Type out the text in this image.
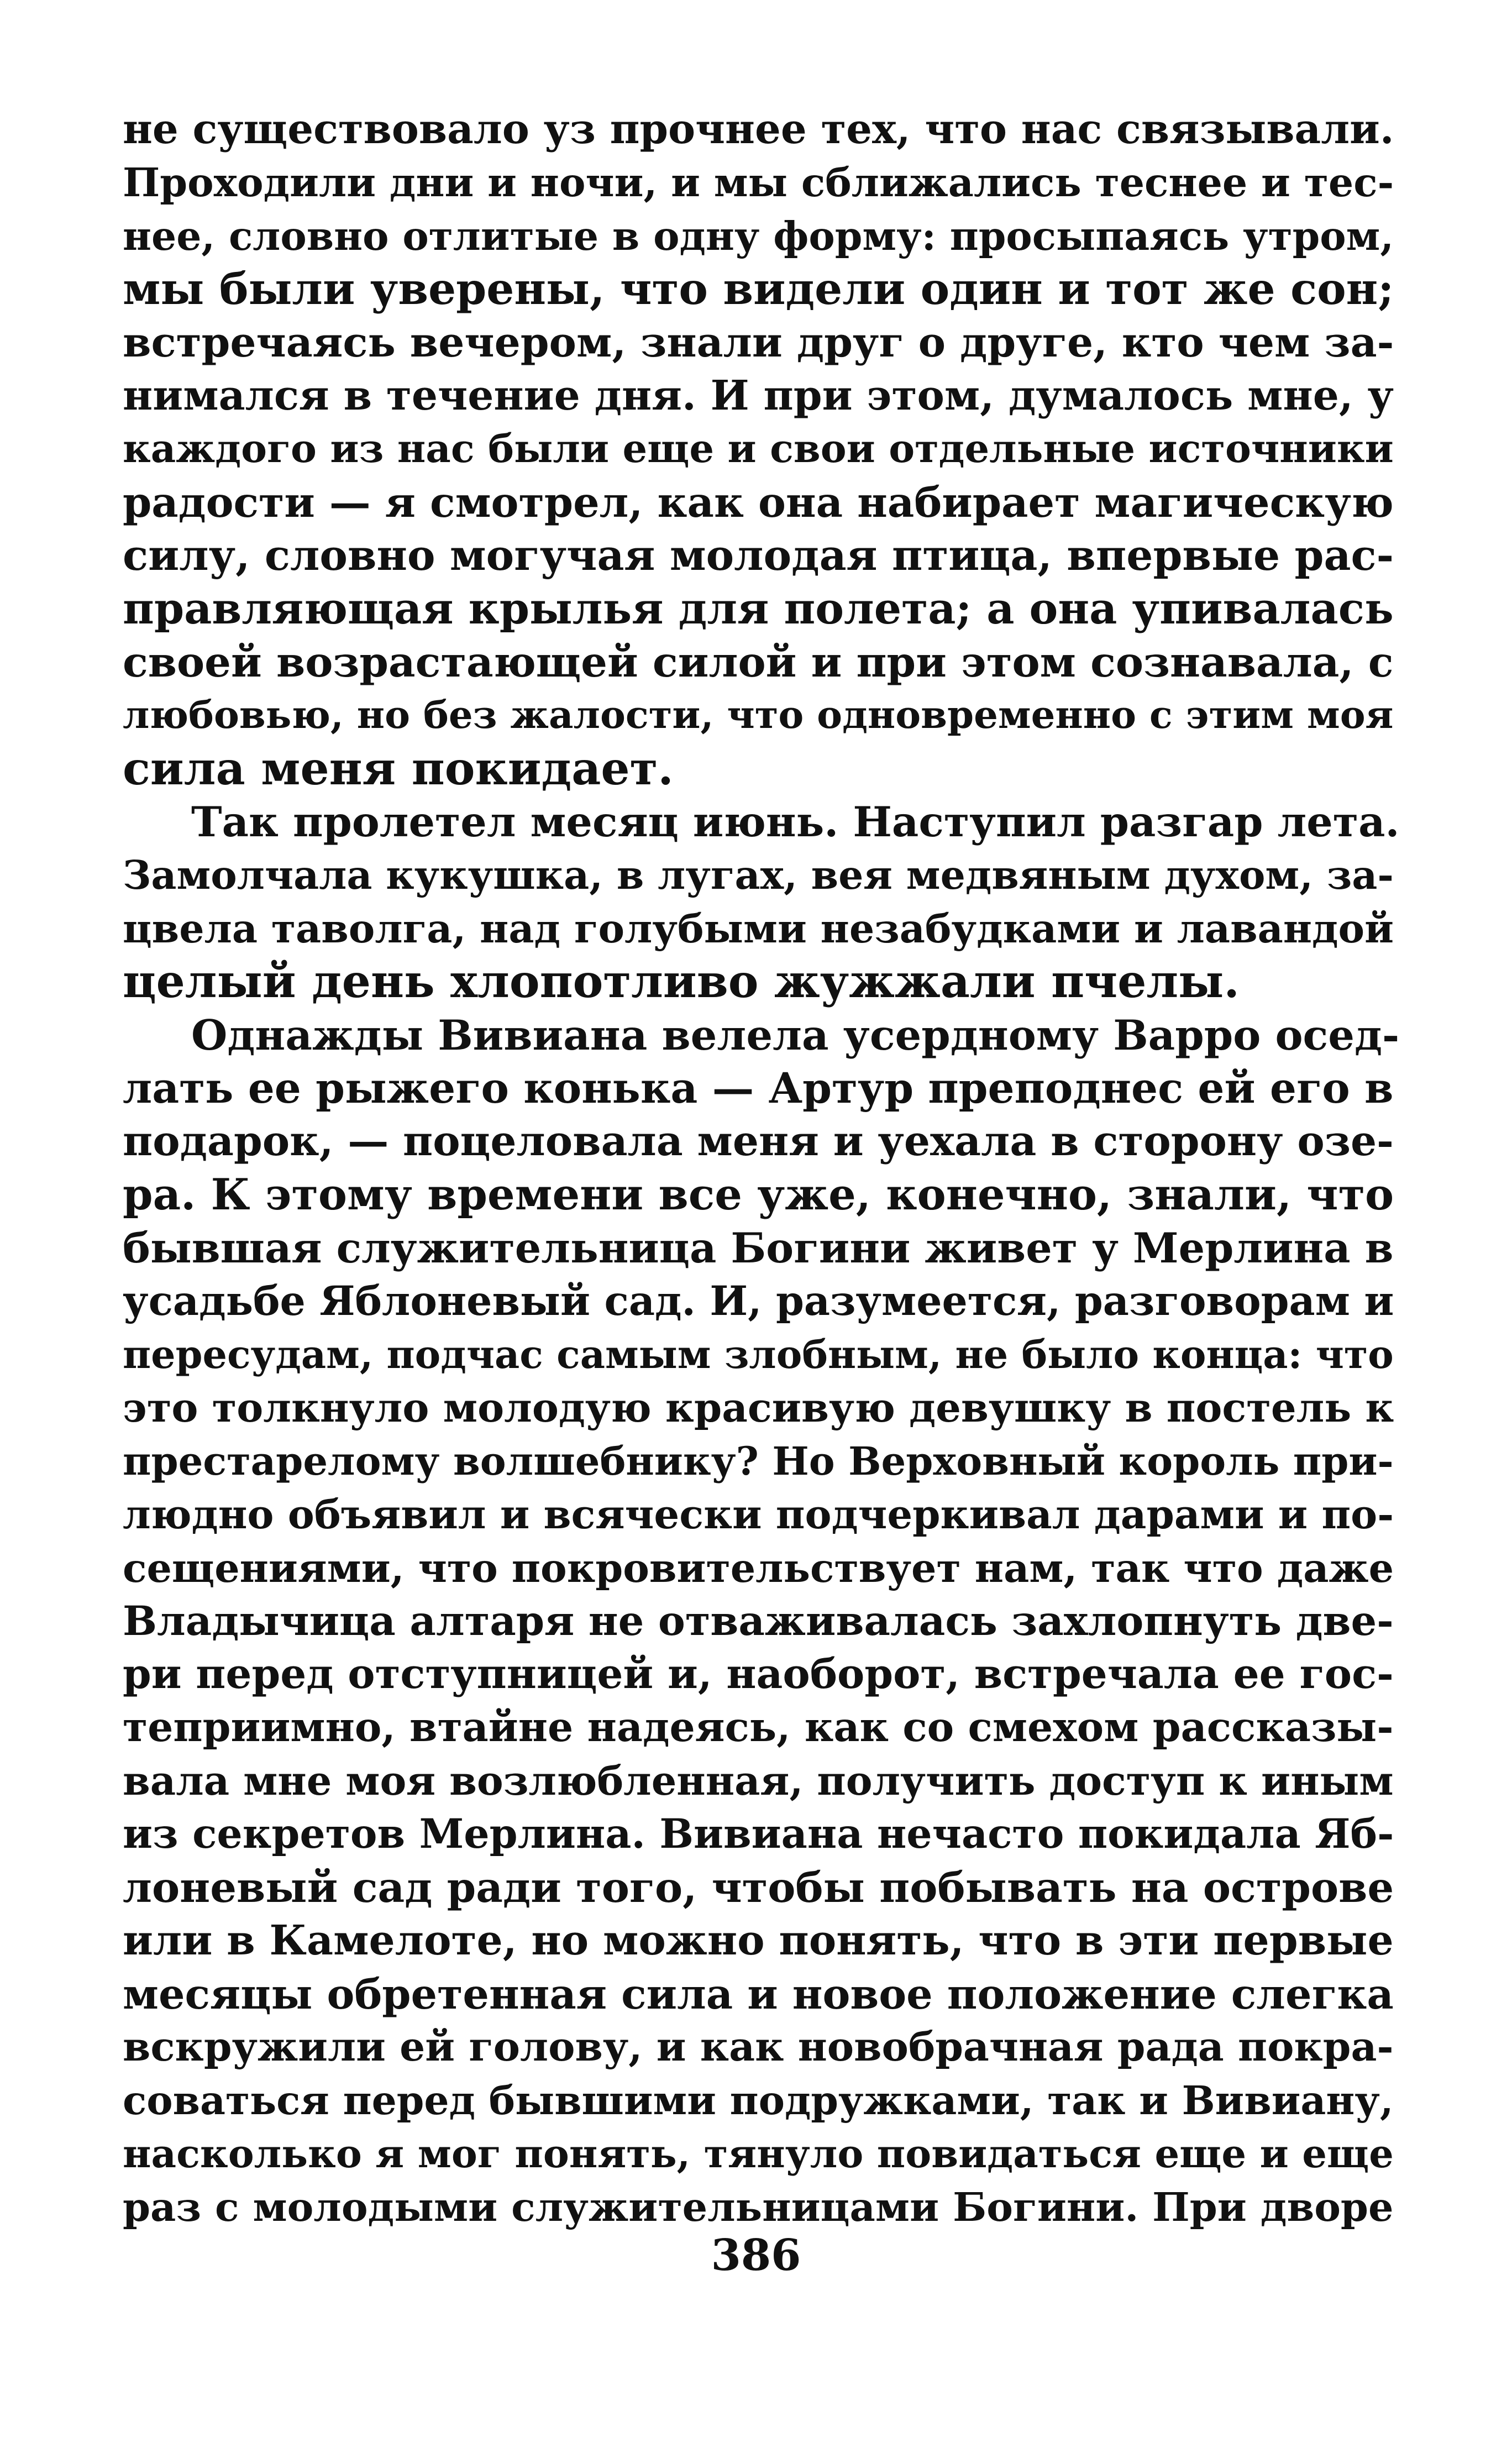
не существовало уз прочнее тех, что нас связывали.
Проходили дни и ночи, и мы сближались теснее и тес-
нее, словно отлитые в одну форму: просыпаясь утром,
мы были уверены, что видели один и тот же сон;
встречаясь вечером, знали друг о друге, кто чем за-
нимался в течение дня. И при этом, думалось мне, у
каждого из нас были еще и свои отдельные источники
радости — я смотрел, как она набирает магическую
силу, словно могучая молодая птица, впервые рас-
правляющая крылья для полета; а она упивалась
своей возрастающей силой и при этом сознавала, с
любовью, но без жалости, что одновременно с этим моя
сила меня покидает.
Так пролетел месяц июнь. Наступил разгар лета.
Замолчала кукушка, в лугах, вея медвяным духом, за-
цвела таволга, над голубыми незабудками и лавандой
целый день хлопотливо жужжали пчелы.
Однажды Вивиана велела усердному Варро осед-
лать ее рыжего конька — Артур преподнес ей его в
подарок, — поцеловала меня и уехала в сторону озе-
ра. К этому времени все уже, конечно, знали, что
бывшая служительница Богини живет у Мерлина в
усадьбе Яблоневый сад. И, разумеется, разговорам и
пересудам, подчас самым злобным, не было конца: что
это толкнуло молодую красивую девушку в постель к
престарелому волшебнику? Но Верховный король при-
людно объявил и всячески подчеркивал дарами и по-
сещениями, что покровительствует нам, так что даже
Владычица алтаря не отваживалась захлопнуть две-
ри перед отступницей и, наоборот, встречала ее гос-
теприимно, втайне надеясь, как со смехом рассказы-
вала мне моя возлюбленная, получить доступ к иным
из секретов Мерлина. Вивиана нечасто покидала Яб-
лоневый сад ради того, чтобы побывать на острове
или в Камелоте, но можно понять, что в эти первые
месяцы обретенная сила и новое положение слегка
вскружили ей голову, и как новобрачная рада покра-
соваться перед бывшими подружками, так и Вивиану,
насколько я мог понять, тянуло повидаться еще и еще
раз с молодыми служительницами Богини. При дворе
386
